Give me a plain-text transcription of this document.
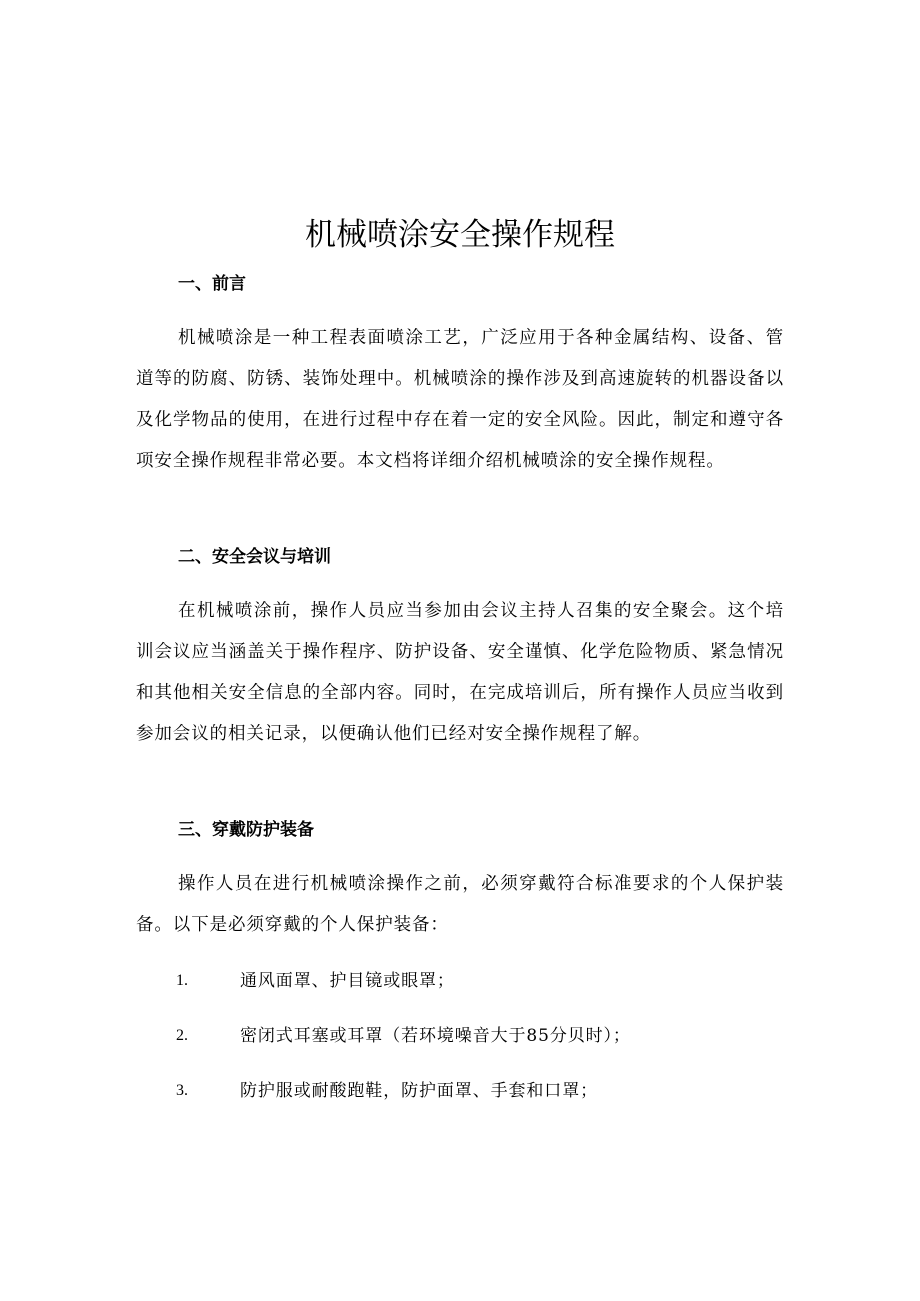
机械喷涂安全操作规程
一、前言

机械喷涂是一种工程表面喷涂工艺，广泛应用于各种金属结构、设备、管道等的防腐、防锈、装饰处理中。机械喷涂的操作涉及到高速旋转的机器设备以及化学物品的使用，在进行过程中存在着一定的安全风险。因此，制定和遵守各项安全操作规程非常必要。本文档将详细介绍机械喷涂的安全操作规程。

二、安全会议与培训

在机械喷涂前，操作人员应当参加由会议主持人召集的安全聚会。这个培训会议应当涵盖关于操作程序、防护设备、安全谨慎、化学危险物质、紧急情况和其他相关安全信息的全部内容。同时，在完成培训后，所有操作人员应当收到参加会议的相关记录，以便确认他们已经对安全操作规程了解。

三、穿戴防护装备

操作人员在进行机械喷涂操作之前，必须穿戴符合标准要求的个人保护装备。以下是必须穿戴的个人保护装备：

1.	通风面罩、护目镜或眼罩；
2.	密闭式耳塞或耳罩（若环境噪音大于85分贝时）；
3.	防护服或耐酸跑鞋，防护面罩、手套和口罩；
